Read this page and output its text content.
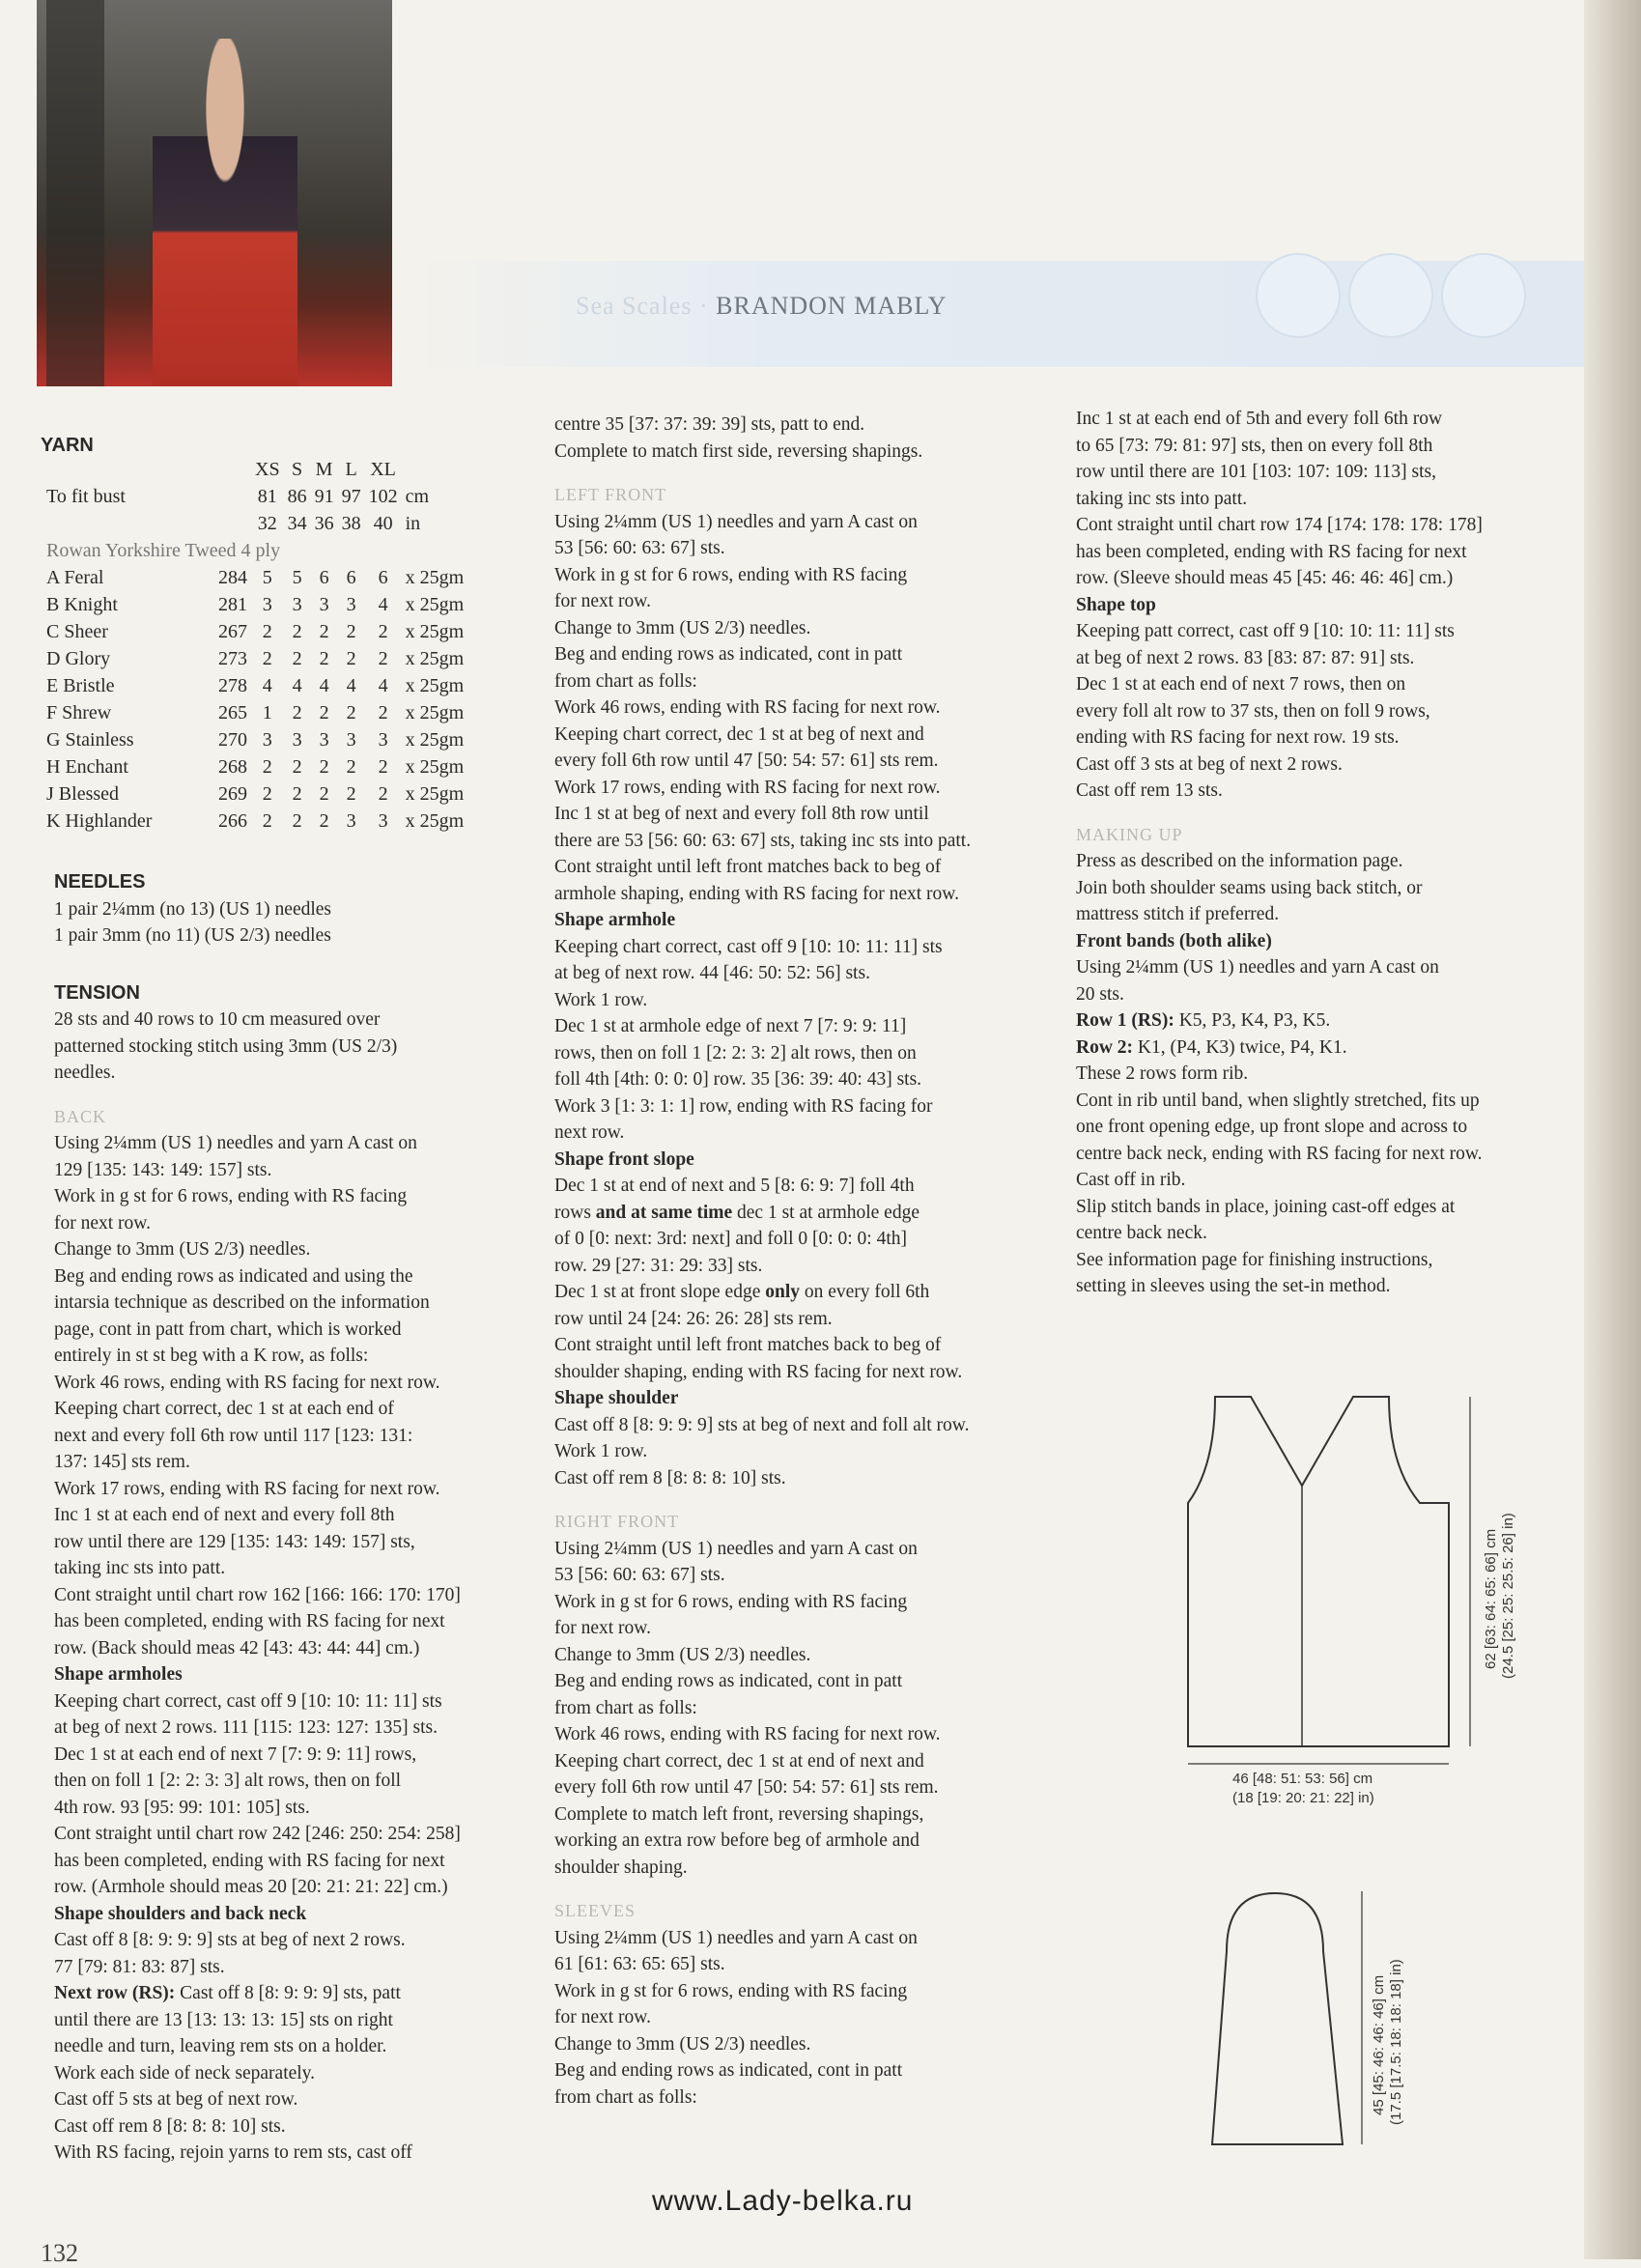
Sea Scales · BRANDON MABLY

YARN

		XS	S	M	L	XL	
To fit bust		81	86	91	97	102	cm
		32	34	36	38	40	in
Rowan Yorkshire Tweed 4 ply							
A Feral	284	5	5	6	6	6	x 25gm
B Knight	281	3	3	3	3	4	x 25gm
C Sheer	267	2	2	2	2	2	x 25gm
D Glory	273	2	2	2	2	2	x 25gm
E Bristle	278	4	4	4	4	4	x 25gm
F Shrew	265	1	2	2	2	2	x 25gm
G Stainless	270	3	3	3	3	3	x 25gm
H Enchant	268	2	2	2	2	2	x 25gm
J Blessed	269	2	2	2	2	2	x 25gm
K Highlander	266	2	2	2	3	3	x 25gm

NEEDLES

1 pair 2¼mm (no 13) (US 1) needles

1 pair 3mm (no 11) (US 2/3) needles

TENSION

28 sts and 40 rows to 10 cm measured over

patterned stocking stitch using 3mm (US 2/3)

needles.

BACK

Using 2¼mm (US 1) needles and yarn A cast on

129 [135: 143: 149: 157] sts.

Work in g st for 6 rows, ending with RS facing

for next row.

Change to 3mm (US 2/3) needles.

Beg and ending rows as indicated and using the

intarsia technique as described on the information

page, cont in patt from chart, which is worked

entirely in st st beg with a K row, as folls:

Work 46 rows, ending with RS facing for next row.

Keeping chart correct, dec 1 st at each end of

next and every foll 6th row until 117 [123: 131:

137: 145] sts rem.

Work 17 rows, ending with RS facing for next row.

Inc 1 st at each end of next and every foll 8th

row until there are 129 [135: 143: 149: 157] sts,

taking inc sts into patt.

Cont straight until chart row 162 [166: 166: 170: 170]

has been completed, ending with RS facing for next

row. (Back should meas 42 [43: 43: 44: 44] cm.)

Shape armholes

Keeping chart correct, cast off 9 [10: 10: 11: 11] sts

at beg of next 2 rows. 111 [115: 123: 127: 135] sts.

Dec 1 st at each end of next 7 [7: 9: 9: 11] rows,

then on foll 1 [2: 2: 3: 3] alt rows, then on foll

4th row. 93 [95: 99: 101: 105] sts.

Cont straight until chart row 242 [246: 250: 254: 258]

has been completed, ending with RS facing for next

row. (Armhole should meas 20 [20: 21: 21: 22] cm.)

Shape shoulders and back neck

Cast off 8 [8: 9: 9: 9] sts at beg of next 2 rows.

77 [79: 81: 83: 87] sts.

Next row (RS): Cast off 8 [8: 9: 9: 9] sts, patt

until there are 13 [13: 13: 13: 15] sts on right

needle and turn, leaving rem sts on a holder.

Work each side of neck separately.

Cast off 5 sts at beg of next row.

Cast off rem 8 [8: 8: 8: 10] sts.

With RS facing, rejoin yarns to rem sts, cast off

centre 35 [37: 37: 39: 39] sts, patt to end.

Complete to match first side, reversing shapings.

LEFT FRONT

Using 2¼mm (US 1) needles and yarn A cast on

53 [56: 60: 63: 67] sts.

Work in g st for 6 rows, ending with RS facing

for next row.

Change to 3mm (US 2/3) needles.

Beg and ending rows as indicated, cont in patt

from chart as folls:

Work 46 rows, ending with RS facing for next row.

Keeping chart correct, dec 1 st at beg of next and

every foll 6th row until 47 [50: 54: 57: 61] sts rem.

Work 17 rows, ending with RS facing for next row.

Inc 1 st at beg of next and every foll 8th row until

there are 53 [56: 60: 63: 67] sts, taking inc sts into patt.

Cont straight until left front matches back to beg of

armhole shaping, ending with RS facing for next row.

Shape armhole

Keeping chart correct, cast off 9 [10: 10: 11: 11] sts

at beg of next row. 44 [46: 50: 52: 56] sts.

Work 1 row.

Dec 1 st at armhole edge of next 7 [7: 9: 9: 11]

rows, then on foll 1 [2: 2: 3: 2] alt rows, then on

foll 4th [4th: 0: 0: 0] row. 35 [36: 39: 40: 43] sts.

Work 3 [1: 3: 1: 1] row, ending with RS facing for

next row.

Shape front slope

Dec 1 st at end of next and 5 [8: 6: 9: 7] foll 4th

rows and at same time dec 1 st at armhole edge

of 0 [0: next: 3rd: next] and foll 0 [0: 0: 0: 4th]

row. 29 [27: 31: 29: 33] sts.

Dec 1 st at front slope edge only on every foll 6th

row until 24 [24: 26: 26: 28] sts rem.

Cont straight until left front matches back to beg of

shoulder shaping, ending with RS facing for next row.

Shape shoulder

Cast off 8 [8: 9: 9: 9] sts at beg of next and foll alt row.

Work 1 row.

Cast off rem 8 [8: 8: 8: 10] sts.

RIGHT FRONT

Using 2¼mm (US 1) needles and yarn A cast on

53 [56: 60: 63: 67] sts.

Work in g st for 6 rows, ending with RS facing

for next row.

Change to 3mm (US 2/3) needles.

Beg and ending rows as indicated, cont in patt

from chart as folls:

Work 46 rows, ending with RS facing for next row.

Keeping chart correct, dec 1 st at end of next and

every foll 6th row until 47 [50: 54: 57: 61] sts rem.

Complete to match left front, reversing shapings,

working an extra row before beg of armhole and

shoulder shaping.

SLEEVES

Using 2¼mm (US 1) needles and yarn A cast on

61 [61: 63: 65: 65] sts.

Work in g st for 6 rows, ending with RS facing

for next row.

Change to 3mm (US 2/3) needles.

Beg and ending rows as indicated, cont in patt

from chart as folls:

Inc 1 st at each end of 5th and every foll 6th row

to 65 [73: 79: 81: 97] sts, then on every foll 8th

row until there are 101 [103: 107: 109: 113] sts,

taking inc sts into patt.

Cont straight until chart row 174 [174: 178: 178: 178]

has been completed, ending with RS facing for next

row. (Sleeve should meas 45 [45: 46: 46: 46] cm.)

Shape top

Keeping patt correct, cast off 9 [10: 10: 11: 11] sts

at beg of next 2 rows. 83 [83: 87: 87: 91] sts.

Dec 1 st at each end of next 7 rows, then on

every foll alt row to 37 sts, then on foll 9 rows,

ending with RS facing for next row. 19 sts.

Cast off 3 sts at beg of next 2 rows.

Cast off rem 13 sts.

MAKING UP

Press as described on the information page.

Join both shoulder seams using back stitch, or

mattress stitch if preferred.

Front bands (both alike)

Using 2¼mm (US 1) needles and yarn A cast on

20 sts.

Row 1 (RS): K5, P3, K4, P3, K5.

Row 2: K1, (P4, K3) twice, P4, K1.

These 2 rows form rib.

Cont in rib until band, when slightly stretched, fits up

one front opening edge, up front slope and across to

centre back neck, ending with RS facing for next row.

Cast off in rib.

Slip stitch bands in place, joining cast-off edges at

centre back neck.

See information page for finishing instructions,

setting in sleeves using the set-in method.

62 [63: 64: 65: 66] cm (24.5 [25: 25: 25.5: 26] in)
46 [48: 51: 53: 56] cm
(18 [19: 20: 21: 22] in)
45 [45: 46: 46: 46] cm (17.5 [17.5: 18: 18: 18] in)
www.Lady-belka.ru
132
